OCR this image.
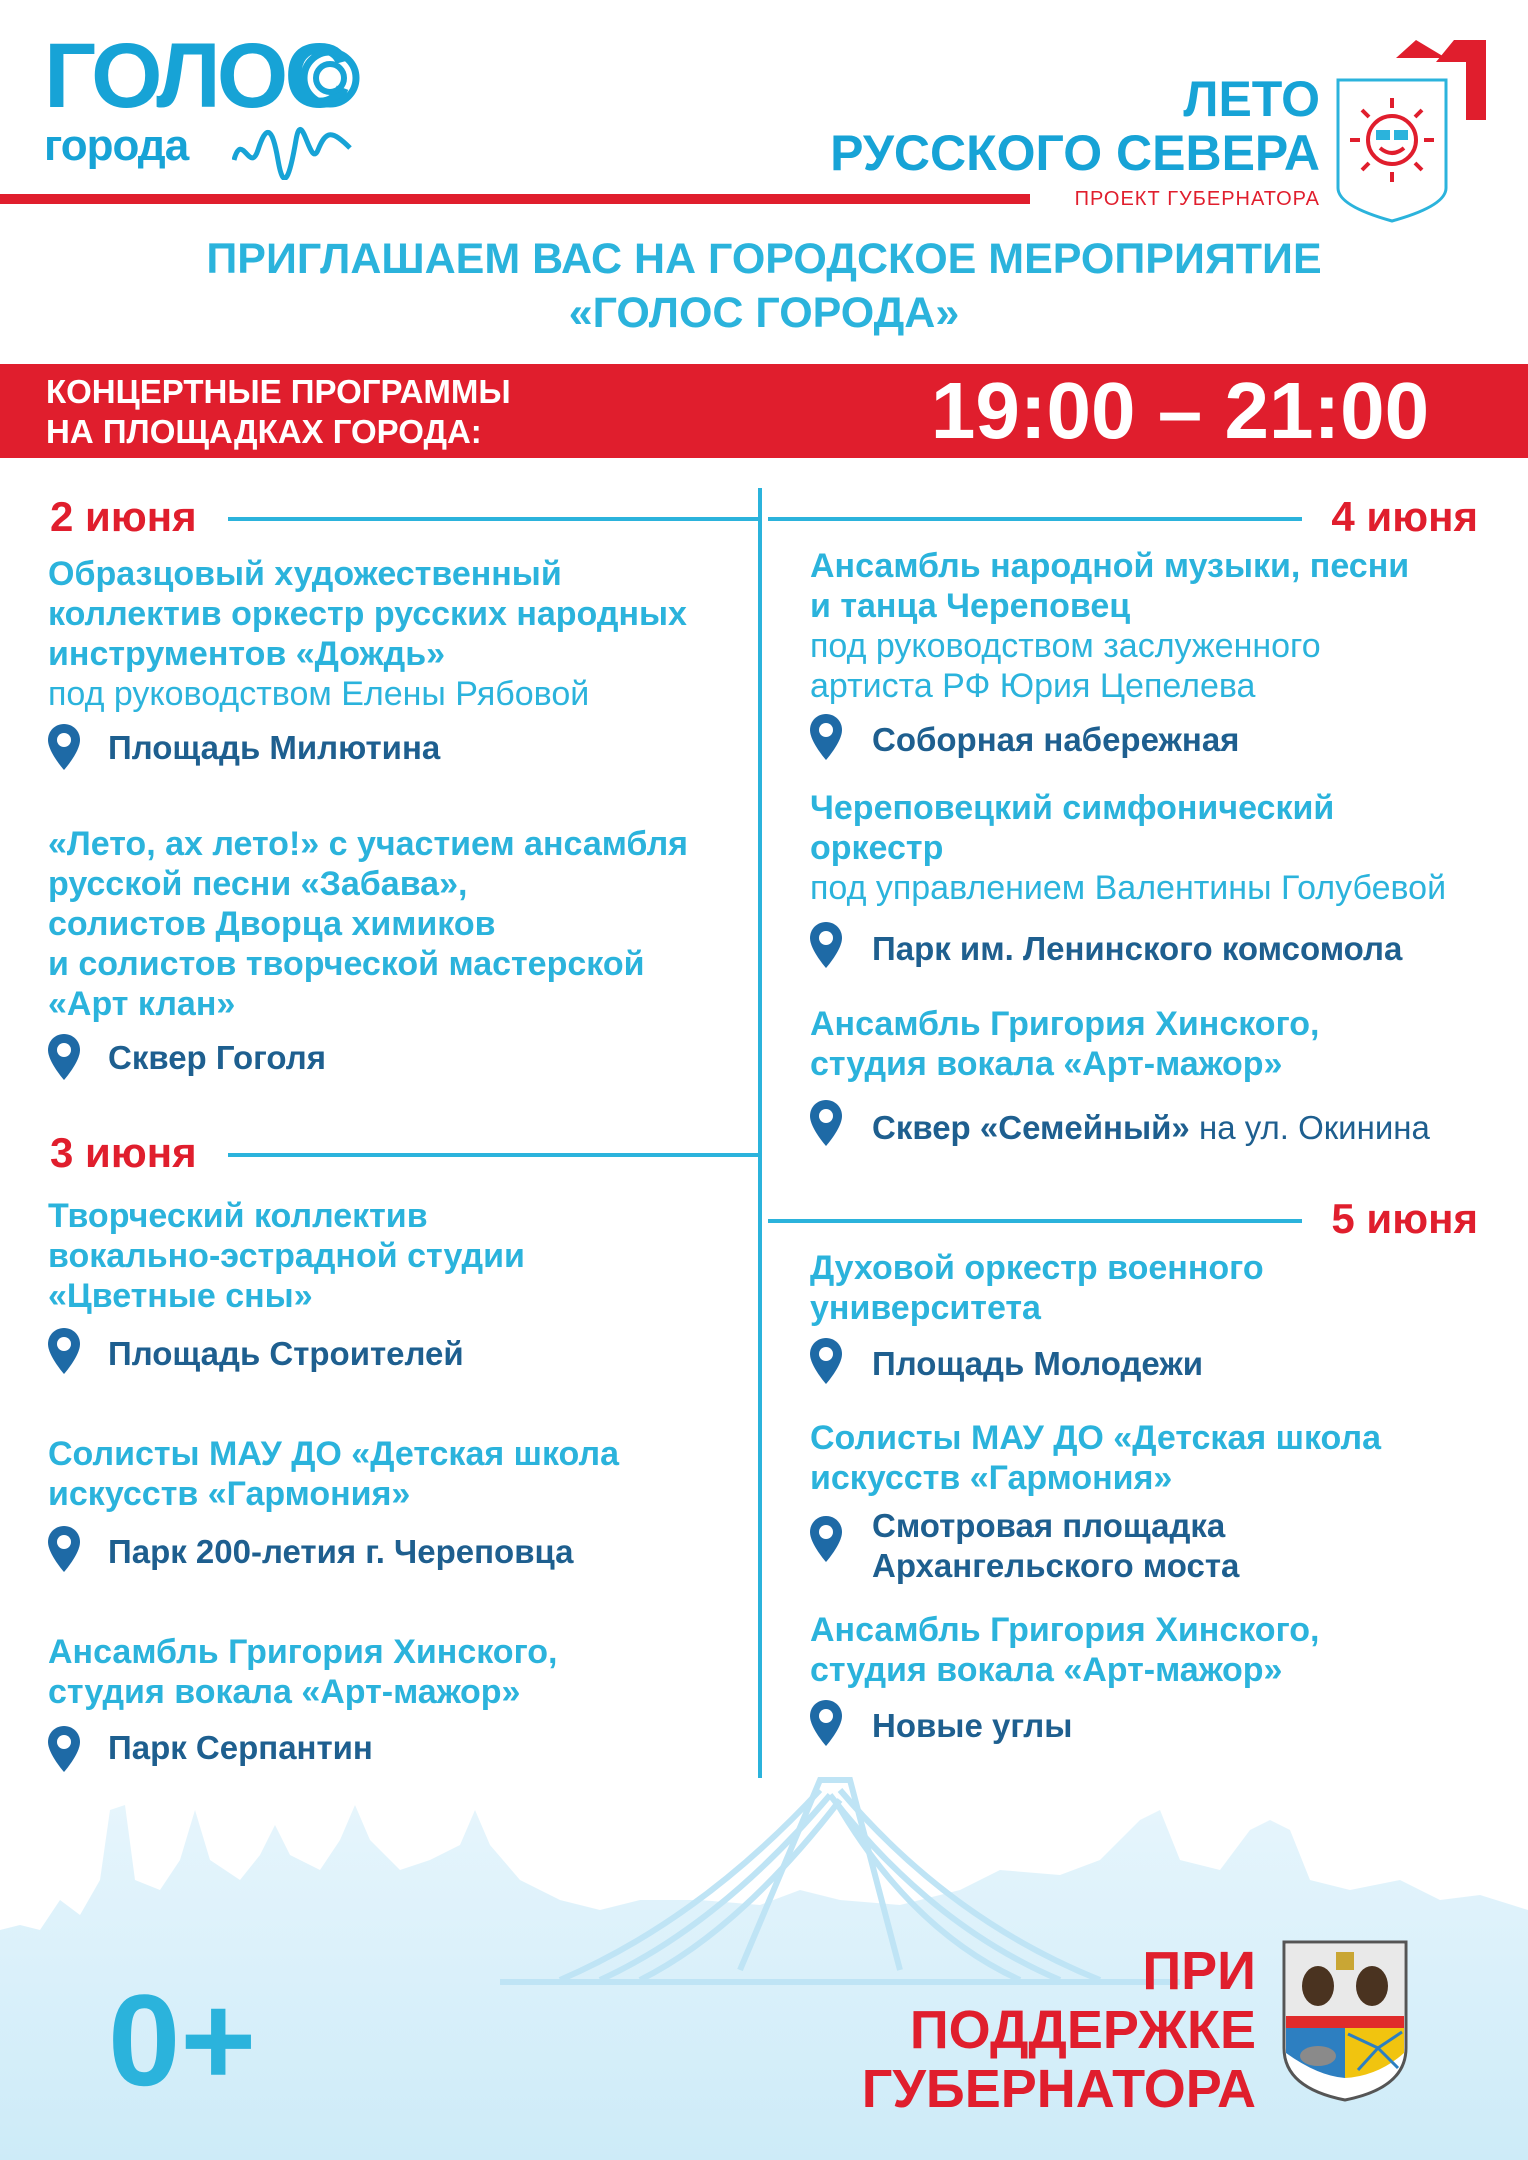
ГОЛОС
города
ЛЕТО
РУССКОГО СЕВЕРА
ПРОЕКТ ГУБЕРНАТОРА
ПРИГЛАШАЕМ ВАС НА ГОРОДСКОЕ МЕРОПРИЯТИЕ
«ГОЛОС ГОРОДА»
КОНЦЕРТНЫЕ ПРОГРАММЫ
НА ПЛОЩАДКАХ ГОРОДА:	19:00 – 21:00
2 июня
Образцовый художественный
коллектив оркестр русских народных
инструментов «Дождь»
под руководством Елены Рябовой
Площадь Милютина
«Лето, ах лето!» с участием ансамбля
русской песни «Забава»,
солистов Дворца химиков
и солистов творческой мастерской
«Арт клан»
Сквер Гоголя
3 июня
Творческий коллектив
вокально-эстрадной студии
«Цветные сны»
Площадь Строителей
Солисты МАУ ДО «Детская школа
искусств «Гармония»
Парк 200-летия г. Череповца
Ансамбль Григория Хинского,
студия вокала «Арт-мажор»
Парк Серпантин
4 июня
Ансамбль народной музыки, песни
и танца Череповец
под руководством заслуженного
артиста РФ Юрия Цепелева
Соборная набережная
Череповецкий симфонический
оркестр
под управлением Валентины Голубевой
Парк им. Ленинского комсомола
Ансамбль Григория Хинского,
студия вокала «Арт-мажор»
Сквер «Семейный» на ул. Окинина
5 июня
Духовой оркестр военного
университета
Площадь Молодежи
Солисты МАУ ДО «Детская школа
искусств «Гармония»
Смотровая площадка
Архангельского моста
Ансамбль Григория Хинского,
студия вокала «Арт-мажор»
Новые углы
0+	ПРИ
ПОДДЕРЖКЕ
ГУБЕРНАТОРА
